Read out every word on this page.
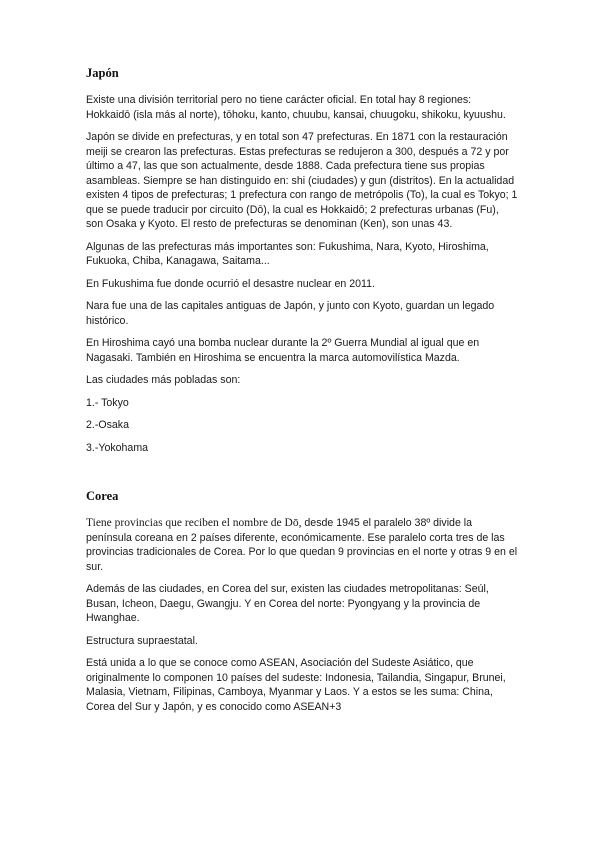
Japón

Existe una división territorial pero no tiene carácter oficial. En total hay 8 regiones: Hokkaidō (isla más al norte), tōhoku, kanto, chuubu, kansai, chuugoku, shikoku, kyuushu.

Japón se divide en prefecturas, y en total son 47 prefecturas. En 1871 con la restauración meiji se crearon las prefecturas. Estas prefecturas se redujeron a 300, después a 72 y por último a 47, las que son actualmente, desde 1888. Cada prefectura tiene sus propias asambleas. Siempre se han distinguido en: shi (ciudades) y gun (distritos). En la actualidad existen 4 tipos de prefecturas; 1 prefectura con rango de metrópolis (To), la cual es Tokyo; 1 que se puede traducir por circuito (Dō), la cual es Hokkaidō; 2 prefecturas urbanas (Fu), son Osaka y Kyoto. El resto de prefecturas se denominan (Ken), son unas 43.

Algunas de las prefecturas más importantes son: Fukushima, Nara, Kyoto, Hiroshima, Fukuoka, Chiba, Kanagawa, Saitama...

En Fukushima fue donde ocurrió el desastre nuclear en 2011.

Nara fue una de las capitales antiguas de Japón, y junto con Kyoto, guardan un legado histórico.

En Hiroshima cayó una bomba nuclear durante la 2º Guerra Mundial al igual que en Nagasaki. También en Hiroshima se encuentra la marca automovilística Mazda.

Las ciudades más pobladas son:

1.- Tokyo

2.-Osaka

3.-Yokohama

Corea

Tiene provincias que reciben el nombre de Dō, desde 1945 el paralelo 38º divide la península coreana en 2 países diferente, económicamente. Ese paralelo corta tres de las provincias tradicionales de Corea. Por lo que quedan 9 provincias en el norte y otras 9 en el sur.

Además de las ciudades, en Corea del sur, existen las ciudades metropolitanas: Seúl, Busan, Icheon, Daegu, Gwangju. Y en Corea del norte: Pyongyang y la provincia de Hwanghae.

Estructura supraestatal.

Está unida a lo que se conoce como ASEAN, Asociación del Sudeste Asiático, que originalmente lo componen 10 países del sudeste: Indonesia, Tailandia, Singapur, Brunei, Malasia, Vietnam, Filipinas, Camboya, Myanmar y Laos. Y a estos se les suma: China, Corea del Sur y Japón, y es conocido como ASEAN+3
